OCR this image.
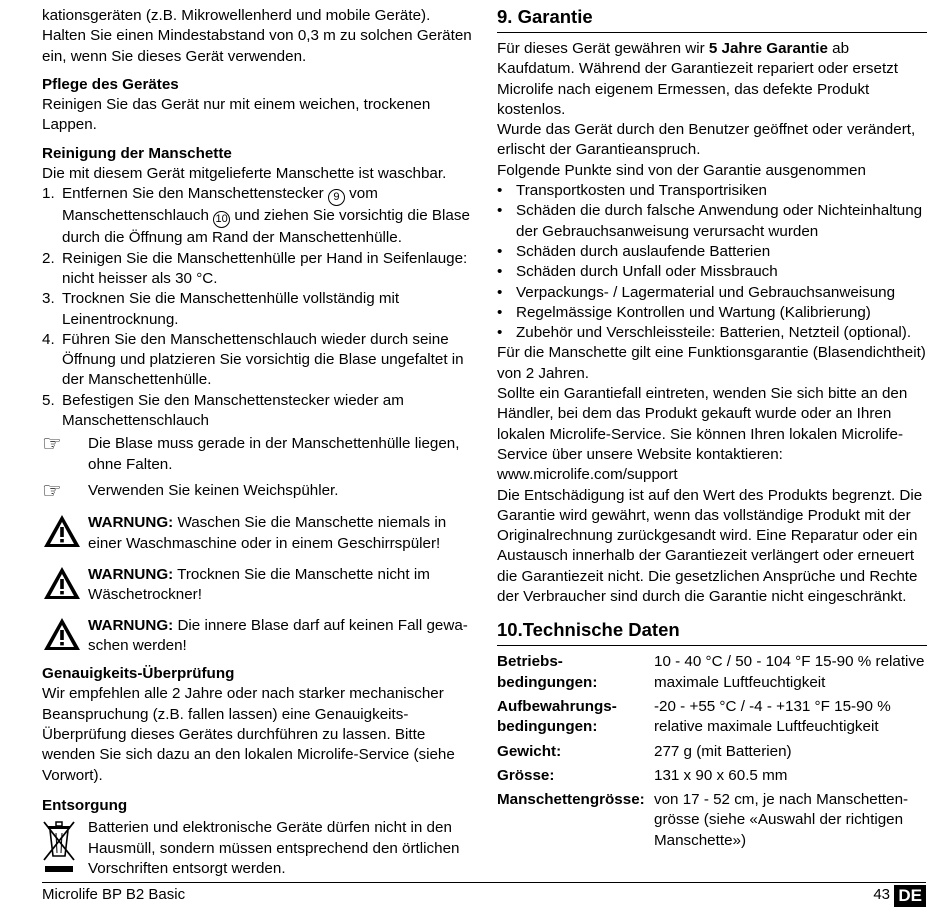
kationsgeräten (z.B. Mikrowellenherd und mobile Geräte). Halten Sie einen Mindestabstand von 0,3 m zu solchen Geräten ein, wenn Sie dieses Gerät verwenden.

Pflege des Gerätes

Reinigen Sie das Gerät nur mit einem weichen, trockenen Lappen.

Reinigung der Manschette

Die mit diesem Gerät mitgelieferte Manschette ist waschbar.

1. Entfernen Sie den Manschettenstecker 9 vom Manschettenschlauch 10 und ziehen Sie vorsichtig die Blase durch die Öffnung am Rand der Manschettenhülle.
2. Reinigen Sie die Manschettenhülle per Hand in Seifenlauge: nicht heisser als 30 °C.
3. Trocknen Sie die Manschettenhülle vollständig mit Leinentrocknung.
4. Führen Sie den Manschettenschlauch wieder durch seine Öffnung und platzieren Sie vorsichtig die Blase ungefaltet in der Manschettenhülle.
5. Befestigen Sie den Manschettenstecker wieder am Manschettenschlauch
☞	Die Blase muss gerade in der Manschettenhülle liegen, ohne Falten.
☞	Verwenden Sie keinen Weichspühler.
WARNUNG: Waschen Sie die Manschette niemals in einer Waschmaschine oder in einem Geschirrspüler!
WARNUNG: Trocknen Sie die Manschette nicht im Wäschetrockner!
WARNUNG: Die innere Blase darf auf keinen Fall gewaschen werden!

Genauigkeits-Überprüfung

Wir empfehlen alle 2 Jahre oder nach starker mechanischer Beanspruchung (z.B. fallen lassen) eine Genauigkeits-Überprüfung dieses Gerätes durchführen zu lassen. Bitte wenden Sie sich dazu an den lokalen Microlife-Service (siehe Vorwort).

Entsorgung

Batterien und elektronische Geräte dürfen nicht in den Hausmüll, sondern müssen entsprechend den örtlichen Vorschriften entsorgt werden.
9. Garantie

Für dieses Gerät gewähren wir 5 Jahre Garantie ab Kaufdatum. Während der Garantiezeit repariert oder ersetzt Microlife nach eigenem Ermessen, das defekte Produkt kostenlos.

Wurde das Gerät durch den Benutzer geöffnet oder verändert, erlischt der Garantieanspruch.

Folgende Punkte sind von der Garantie ausgenommen

• Transportkosten und Transportrisiken
• Schäden die durch falsche Anwendung oder Nichteinhaltung der Gebrauchsanweisung verursacht wurden
• Schäden durch auslaufende Batterien
• Schäden durch Unfall oder Missbrauch
• Verpackungs- / Lagermaterial und Gebrauchsanweisung
• Regelmässige Kontrollen und Wartung (Kalibrierung)
• Zubehör und Verschleissteile: Batterien, Netzteil (optional).

Für die Manschette gilt eine Funktionsgarantie (Blasendichtheit) von 2 Jahren.

Sollte ein Garantiefall eintreten, wenden Sie sich bitte an den Händler, bei dem das Produkt gekauft wurde oder an Ihren lokalen Microlife-Service. Sie können Ihren lokalen Microlife-Service über unsere Website kontaktieren:

www.microlife.com/support

Die Entschädigung ist auf den Wert des Produkts begrenzt. Die Garantie wird gewährt, wenn das vollständige Produkt mit der Originalrechnung zurückgesandt wird. Eine Reparatur oder ein Austausch innerhalb der Garantiezeit verlängert oder erneuert die Garantiezeit nicht. Die gesetzlichen Ansprüche und Rechte der Verbraucher sind durch die Garantie nicht eingeschränkt.

10.Technische Daten
Betriebsbedingungen:	10 - 40 °C / 50 - 104 °F 15-90 % relative maximale Luftfeuchtigkeit
Aufbewahrungsbedingungen:	-20 - +55 °C / -4 - +131 °F 15-90 % relative maximale Luftfeuchtigkeit
Gewicht:	277 g (mit Batterien)
Grösse:	131 x 90 x 60.5 mm
Manschettengrösse:	von 17 - 52 cm, je nach Manschettengrösse (siehe «Auswahl der richtigen Manschette»)
Microlife BP B2 Basic	43 DE
